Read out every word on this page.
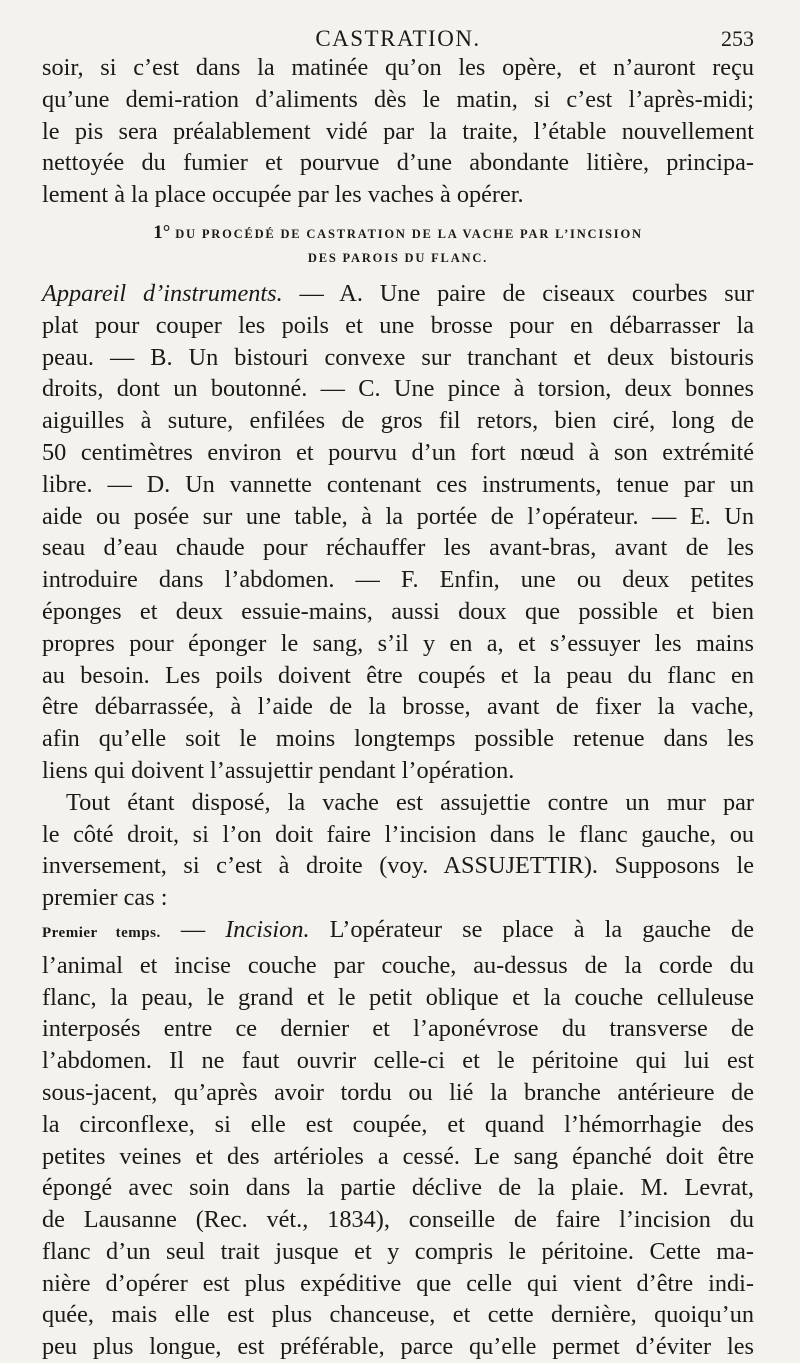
CASTRATION.	253

soir, si c’est dans la matinée qu’on les opère, et n’auront reçu
qu’une demi-ration d’aliments dès le matin, si c’est l’après-midi;
le pis sera préalablement vidé par la traite, l’étable nouvellement
nettoyée du fumier et pourvue d’une abondante litière, principa-
lement à la place occupée par les vaches à opérer.

1° DU PROCÉDÉ DE CASTRATION DE LA VACHE PAR L’INCISION
DES PAROIS DU FLANC.

Appareil d’instruments. — A. Une paire de ciseaux courbes sur
plat pour couper les poils et une brosse pour en débarrasser la
peau. — B. Un bistouri convexe sur tranchant et deux bistouris
droits, dont un boutonné. — C. Une pince à torsion, deux bonnes
aiguilles à suture, enfilées de gros fil retors, bien ciré, long de
50 centimètres environ et pourvu d’un fort nœud à son extrémité
libre. — D. Un vannette contenant ces instruments, tenue par un
aide ou posée sur une table, à la portée de l’opérateur. — E. Un
seau d’eau chaude pour réchauffer les avant-bras, avant de les
introduire dans l’abdomen. — F. Enfin, une ou deux petites
éponges et deux essuie-mains, aussi doux que possible et bien
propres pour éponger le sang, s’il y en a, et s’essuyer les mains
au besoin. Les poils doivent être coupés et la peau du flanc en
être débarrassée, à l’aide de la brosse, avant de fixer la vache,
afin qu’elle soit le moins longtemps possible retenue dans les
liens qui doivent l’assujettir pendant l’opération.

Tout étant disposé, la vache est assujettie contre un mur par
le côté droit, si l’on doit faire l’incision dans le flanc gauche, ou
inversement, si c’est à droite (voy. ASSUJETTIR). Supposons le
premier cas :

Premier temps. — Incision. L’opérateur se place à la gauche de
l’animal et incise couche par couche, au-dessus de la corde du
flanc, la peau, le grand et le petit oblique et la couche celluleuse
interposés entre ce dernier et l’aponévrose du transverse de
l’abdomen. Il ne faut ouvrir celle-ci et le péritoine qui lui est
sous-jacent, qu’après avoir tordu ou lié la branche antérieure de
la circonflexe, si elle est coupée, et quand l’hémorrhagie des
petites veines et des artérioles a cessé. Le sang épanché doit être
épongé avec soin dans la partie déclive de la plaie. M. Levrat,
de Lausanne (Rec. vét., 1834), conseille de faire l’incision du
flanc d’un seul trait jusque et y compris le péritoine. Cette ma-
nière d’opérer est plus expéditive que celle qui vient d’être indi-
quée, mais elle est plus chanceuse, et cette dernière, quoiqu’un
peu plus longue, est préférable, parce qu’elle permet d’éviter les
